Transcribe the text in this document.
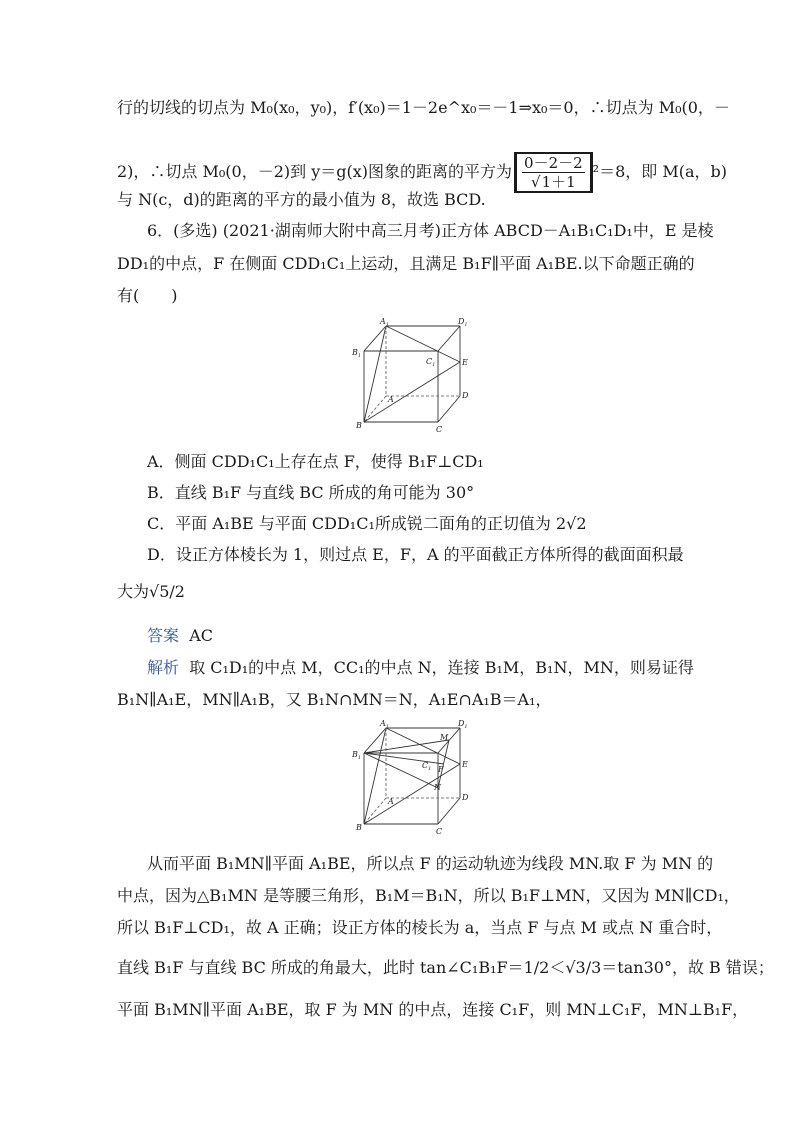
行的切线的切点为 M₀(x₀，y₀)，f′(x₀)＝1－2e^x₀＝－1⇒x₀＝0，∴切点为 M₀(0，－
2)，∴切点 M₀(0，－2)到 y＝g(x)图象的距离的平方为 $\frac{0-2-2}{√1+1} ^2=8$，即 M(a，b)
与 N(c，d)的距离的平方的最小值为 8，故选 BCD.
6．(多选) (2021·湖南师大附中高三月考)正方体 ABCD－A₁B₁C₁D₁中，E 是棱
DD₁的中点，F 在侧面 CDD₁C₁上运动，且满足 B₁F∥平面 A₁BE.以下命题正确的
有(　　)
$A_1$	$D_1$
$B_1$
$C_1$	E
A	D
B	C
A．侧面 CDD₁C₁上存在点 F，使得 B₁F⊥CD₁
B．直线 B₁F 与直线 BC 所成的角可能为 30°
C．平面 A₁BE 与平面 CDD₁C₁所成锐二面角的正切值为 2√2
D．设正方体棱长为 1，则过点 E，F，A 的平面截正方体所得的截面面积最
大为√5/2
答案 AC
解析 取 C₁D₁的中点 M，CC₁的中点 N，连接 B₁M，B₁N，MN，则易证得
B₁N∥A₁E，MN∥A₁B，又 B₁N∩MN＝N，A₁E∩A₁B＝A₁，
$A_1$	$D_1$
M
$B_1$
$C_1$ F
E
N
A	D
B	C
从而平面 B₁MN∥平面 A₁BE，所以点 F 的运动轨迹为线段 MN.取 F 为 MN 的
中点，因为△B₁MN 是等腰三角形，B₁M＝B₁N，所以 B₁F⊥MN，又因为 MN∥CD₁，
所以 B₁F⊥CD₁，故 A 正确；设正方体的棱长为 a，当点 F 与点 M 或点 N 重合时，
直线 B₁F 与直线 BC 所成的角最大，此时 tan∠C₁B₁F＝1/2＜√3/3＝tan30°，故 B 错误；
平面 B₁MN∥平面 A₁BE，取 F 为 MN 的中点，连接 C₁F，则 MN⊥C₁F，MN⊥B₁F，
